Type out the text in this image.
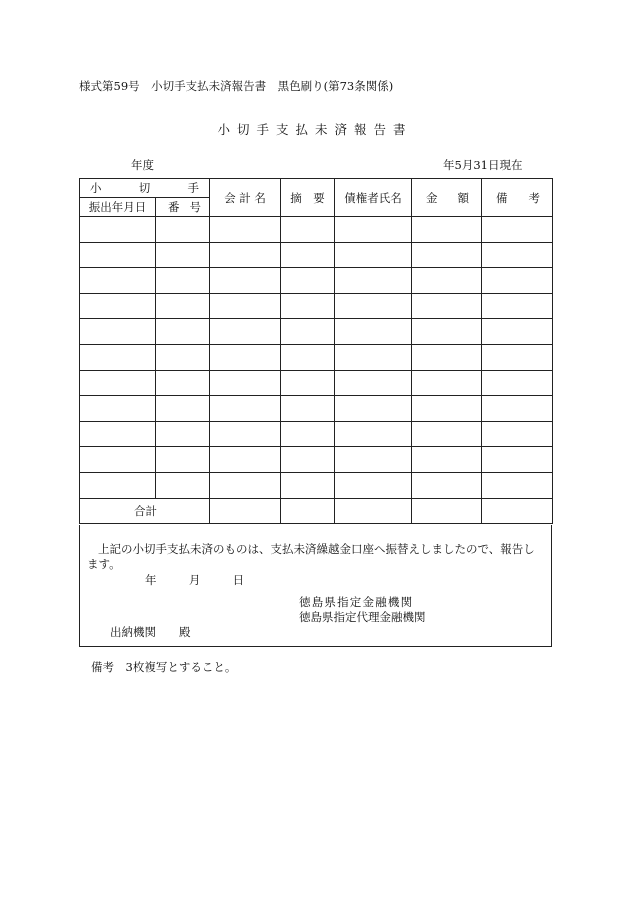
様式第59号　小切手支払未済報告書　黒色刷り(第73条関係)
小切手支払未済報告書
年度	年5月31日現在
小 切 手		会 計 名	摘　要	債権者氏名	金 額	備 考

振出年月日	番 号					

合 計						

上記の小切手支払未済のものは、支払未済繰越金口座へ振替えしましたので、報告します。
年	月	日
徳島県指定金融機関
徳島県指定代理金融機関
出納機関　　殿
備考　3枚複写とすること。
